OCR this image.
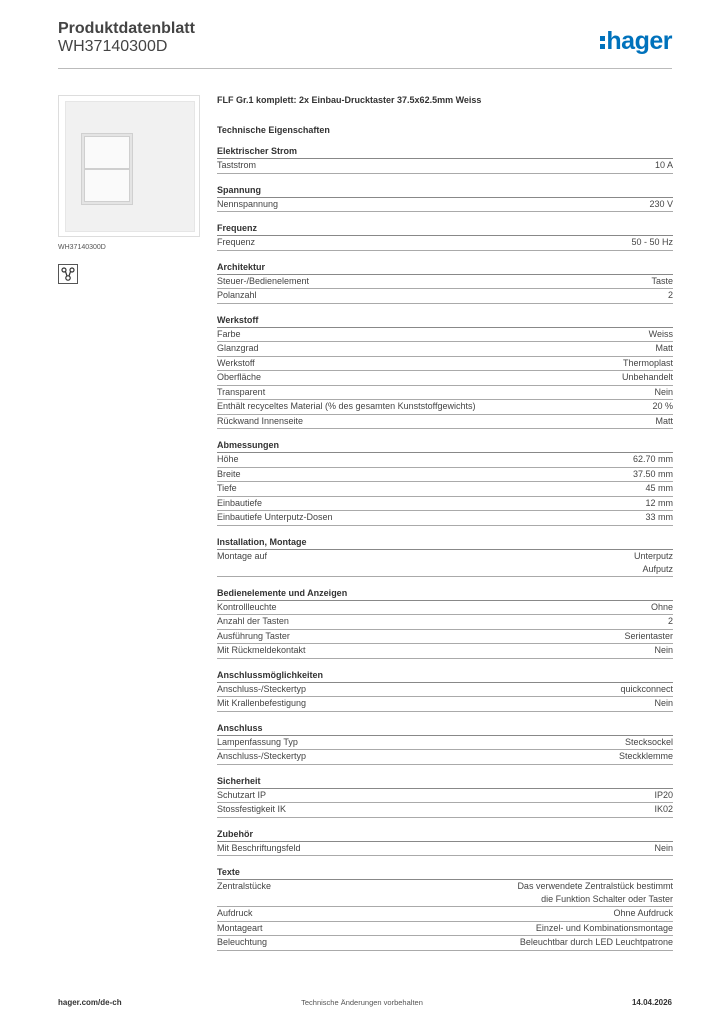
Produktdatenblatt
WH37140300D	hager
WH37140300D
FLF Gr.1 komplett: 2x Einbau-Drucktaster 37.5x62.5mm Weiss
Technische Eigenschaften
Elektrischer Strom
Taststrom	10 A
Spannung
Nennspannung	230 V
Frequenz
Frequenz	50 - 50 Hz
Architektur
Steuer-/Bedienelement	Taste
Polanzahl	2
Werkstoff
Farbe	Weiss
Glanzgrad	Matt
Werkstoff	Thermoplast
Oberfläche	Unbehandelt
Transparent	Nein
Enthält recyceltes Material (% des gesamten Kunststoffgewichts)	20 %
Rückwand Innenseite	Matt
Abmessungen
Höhe	62.70 mm
Breite	37.50 mm
Tiefe	45 mm
Einbautiefe	12 mm
Einbautiefe Unterputz-Dosen	33 mm
Installation, Montage
Montage auf	Unterputz
Aufputz
Bedienelemente und Anzeigen
Kontrollleuchte	Ohne
Anzahl der Tasten	2
Ausführung Taster	Serientaster
Mit Rückmeldekontakt	Nein
Anschlussmöglichkeiten
Anschluss-/Steckertyp	quickconnect
Mit Krallenbefestigung	Nein
Anschluss
Lampenfassung Typ	Stecksockel
Anschluss-/Steckertyp	Steckklemme
Sicherheit
Schutzart IP	IP20
Stossfestigkeit IK	IK02
Zubehör
Mit Beschriftungsfeld	Nein
Texte
Zentralstücke	Das verwendete Zentralstück bestimmt
die Funktion Schalter oder Taster
Aufdruck	Ohne Aufdruck
Montageart	Einzel- und Kombinationsmontage
Beleuchtung	Beleuchtbar durch LED Leuchtpatrone
hager.com/de-ch	Technische Änderungen vorbehalten	14.04.2026
